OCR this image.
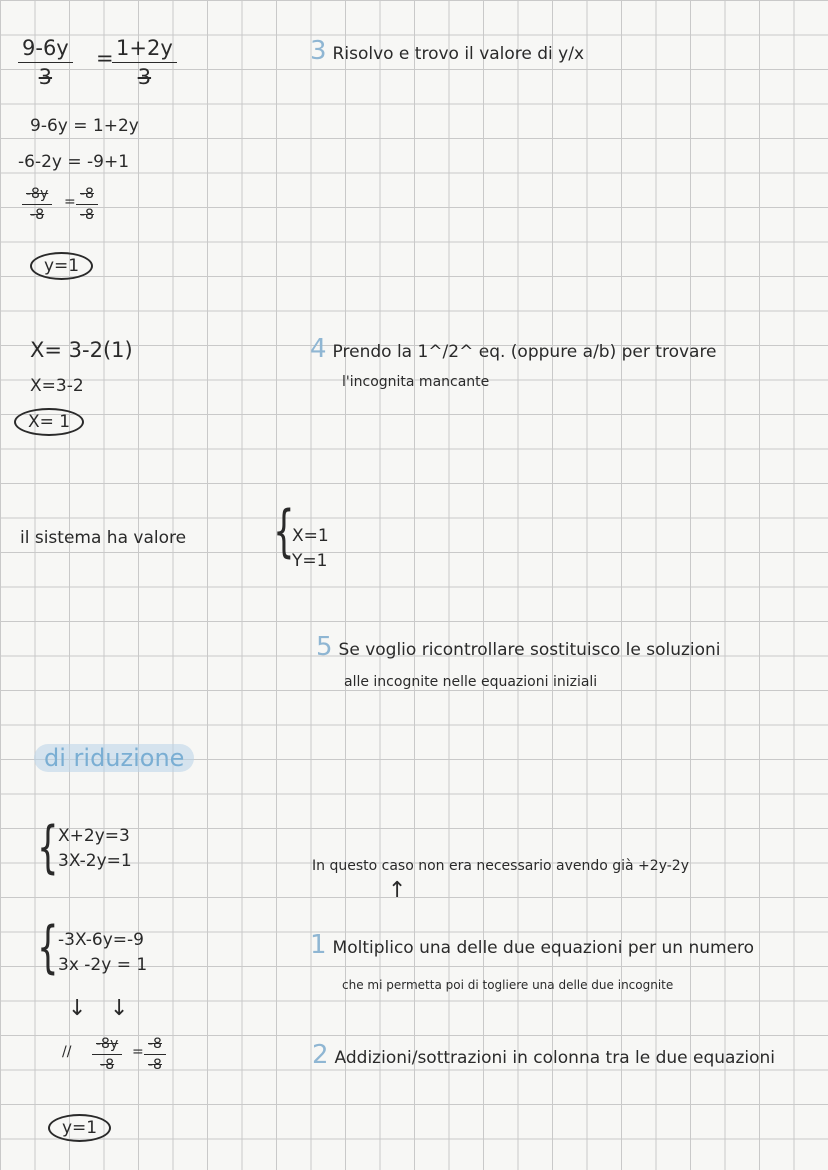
$\frac{9-6y}{3}$ =
$\frac{1+2y}{3}$
9-6y = 1+2y
-6-2y = -9+1
$\frac{-8y}{-8} = \frac{-8}{-8}$
y=1
X= 3-2(1)
X=3-2
X= 1
il sistema ha valore {
X=1
Y=1
di riduzione
{ X+2y=3
3X-2y=1
{ -3X-6y=-9
3x -2y = 1
↓ ↓
// $\frac{-8y}{-8} = \frac{-8}{-8}$
y=1
3 Risolvo e trovo il valore di y/x
4 Prendo la 1^/2^ eq. (oppure a/b) per trovare
l'incognita mancante
5 Se voglio ricontrollare sostituisco le soluzioni
alle incognite nelle equazioni iniziali
In questo caso non era necessario avendo già +2y-2y
↑
1 Moltiplico una delle due equazioni per un numero
che mi permetta poi di togliere una delle due incognite
2 Addizioni/sottrazioni in colonna tra le due equazioni
